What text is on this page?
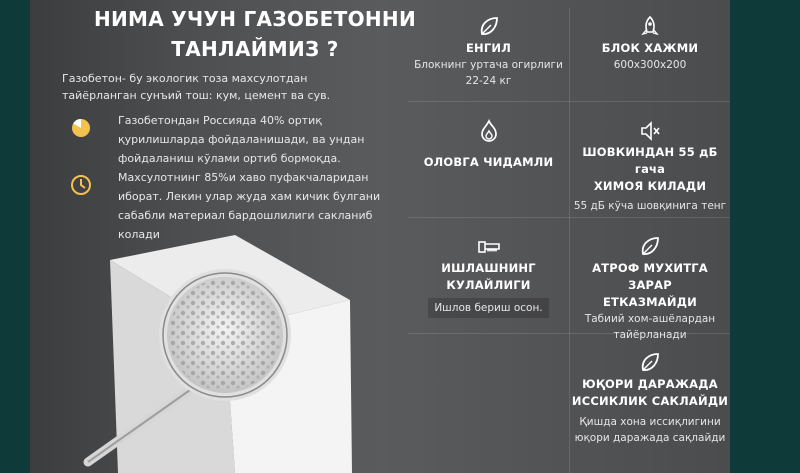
НИМА УЧУН ГАЗОБЕТОННИ
ТАНЛАЙМИЗ ?
Газобетон- бу экологик тоза махсулотдан
тайёрланган сунъий тош: кум, цемент ва сув.
Газобетондан Россияда 40% ортиқ
қурилишларда фойдаланишади, ва ундан
фойдаланиш кўлами ортиб бормоқда.
Махсулотнинг 85%и хаво пуфакчаларидан
иборат. Лекин улар жуда хам кичик булгани
сабабли материал бардошлилиги сакланиб
колади
ЕНГИЛ
Блокнинг уртача огирлиги
22-24 кг
БЛОК ХАЖМИ
600х300х200
ОЛОВГА ЧИДАМЛИ
ШОВКИНДАН 55 дБ гача
ХИМОЯ КИЛАДИ
55 дБ кўча шовқинига тенг
ИШЛАШНИНГ
КУЛАЙЛИГИ
Ишлов бериш осон.
АТРОФ МУХИТГА ЗАРАР
ЕТКАЗМАЙДИ
Табиий хом-ашёлардан
тайёрланади
ЮҚОРИ ДАРАЖАДА
ИССИКЛИК САКЛАЙДИ
Қишда хона иссиқлигини
юқори даражада сақлайди
